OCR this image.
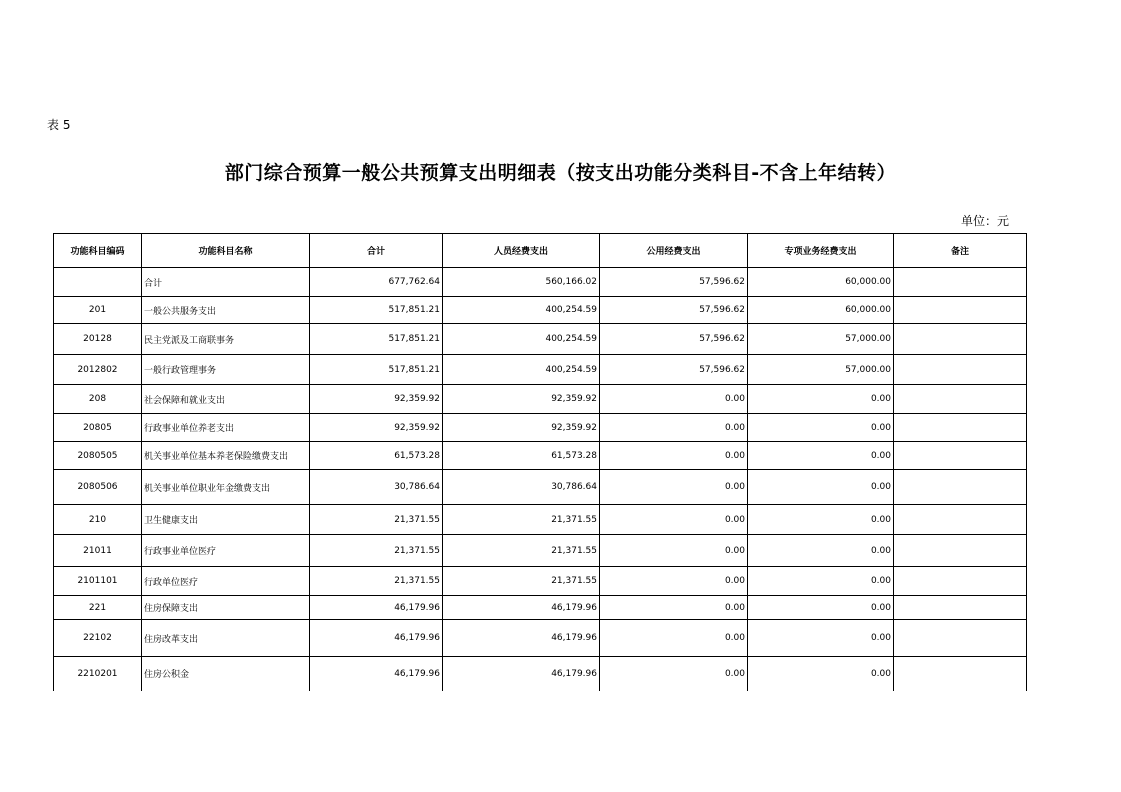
表 5
部门综合预算一般公共预算支出明细表（按支出功能分类科目-不含上年结转）
单位：元
功能科目编码	功能科目名称	合计	人员经费支出	公用经费支出	专项业务经费支出	备注
	合计	677,762.64	560,166.02	57,596.62	60,000.00	
201	一般公共服务支出	517,851.21	400,254.59	57,596.62	60,000.00	
20128	民主党派及工商联事务	517,851.21	400,254.59	57,596.62	57,000.00	
2012802	一般行政管理事务	517,851.21	400,254.59	57,596.62	57,000.00	
208	社会保障和就业支出	92,359.92	92,359.92	0.00	0.00	
20805	行政事业单位养老支出	92,359.92	92,359.92	0.00	0.00	
2080505	机关事业单位基本养老保险缴费支出	61,573.28	61,573.28	0.00	0.00	
2080506	机关事业单位职业年金缴费支出	30,786.64	30,786.64	0.00	0.00	
210	卫生健康支出	21,371.55	21,371.55	0.00	0.00	
21011	行政事业单位医疗	21,371.55	21,371.55	0.00	0.00	
2101101	行政单位医疗	21,371.55	21,371.55	0.00	0.00	
221	住房保障支出	46,179.96	46,179.96	0.00	0.00	
22102	住房改革支出	46,179.96	46,179.96	0.00	0.00	
2210201	住房公积金	46,179.96	46,179.96	0.00	0.00	
